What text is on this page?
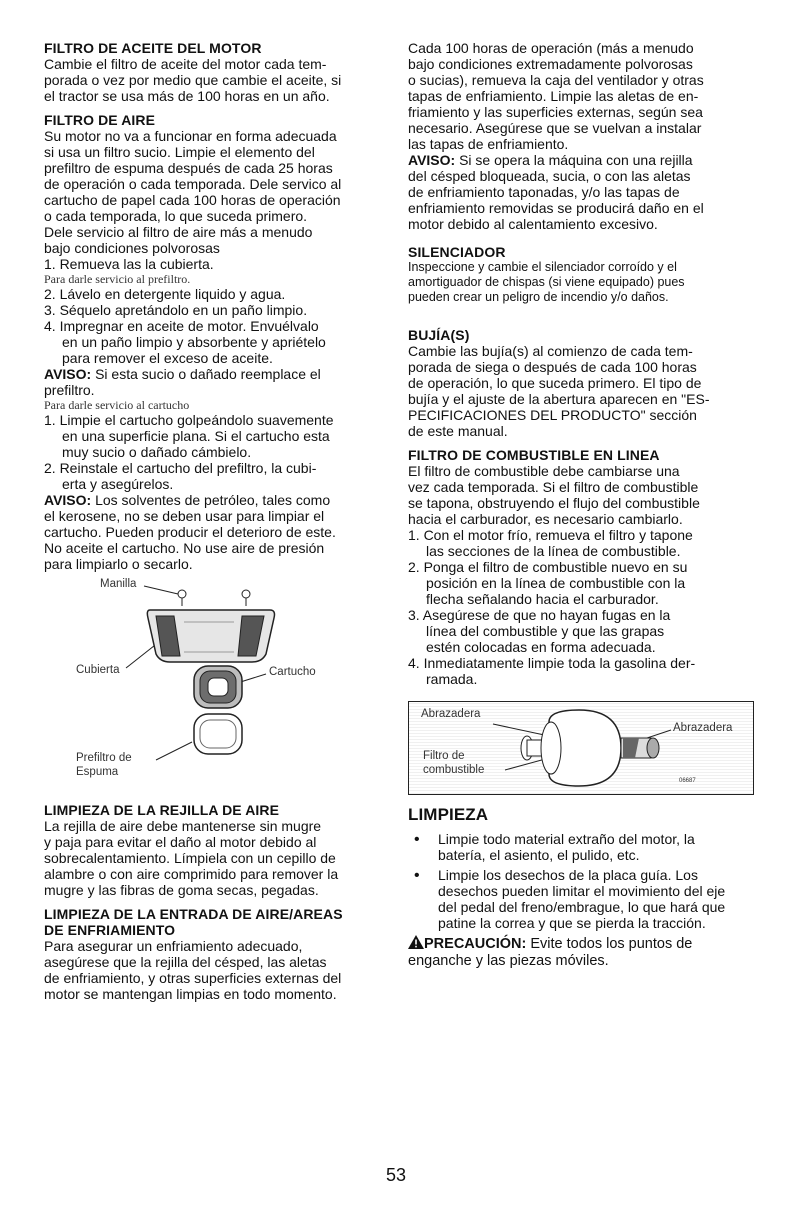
FILTRO DE ACEITE DEL MOTOR

Cambie el filtro de aceite del motor cada tem-

porada o vez por medio que cambie el aceite, si

el tractor se usa más de 100 horas en un año.

FILTRO DE AIRE

Su motor no va a funcionar en forma adecuada

si usa un filtro sucio. Limpie el elemento del

prefiltro de espuma después de cada 25 horas

de operación o cada temporada. Dele servico al

cartucho de papel cada 100 horas de operación

o cada temporada, lo que suceda primero.

Dele servicio al filtro de aire más a menudo

bajo condiciones polvorosas

1. Remueva las la cubierta.

Para darle servicio al prefiltro.

2. Lávelo en detergente liquido y agua.

3. Séquelo apretándolo en un paño limpio.

4. Impregnar en aceite de motor. Envuélvalo

en un paño limpio y absorbente y apriételo

para remover el exceso de aceite.

AVISO: Si esta sucio o dañado reemplace el

prefiltro.

Para darle servicio al cartucho

1. Limpie el cartucho golpeándolo suavemente

en una superficie plana. Si el cartucho esta

muy sucio o dañado cámbielo.

2. Reinstale el cartucho del prefiltro, la cubi-

erta y asegúrelos.

AVISO: Los solventes de petróleo, tales como

el kerosene, no se deben usar para limpiar el

cartucho. Pueden producir el deterioro de este.

No aceite el cartucho. No use aire de presión

para limpiarlo o secarlo.

Manilla
Cubierta	Cartucho
Prefiltro de
Espuma
LIMPIEZA DE LA REJILLA DE AIRE

La rejilla de aire debe mantenerse sin mugre

y paja para evitar el daño al motor debido al

sobrecalentamiento. Límpiela con un cepillo de

alambre o con aire comprimido para remover la

mugre y las fibras de goma secas, pegadas.

LIMPIEZA DE LA ENTRADA DE AIRE/AREAS
DE ENFRIAMIENTO

Para asegurar un enfriamiento adecuado,

asegúrese que la rejilla del césped, las aletas

de enfriamiento, y otras superficies externas del

motor se mantengan limpias en todo momento.

Cada 100 horas de operación (más a menudo

bajo condiciones extremadamente polvorosas

o sucias), remueva la caja del ventilador y otras

tapas de enfriamiento. Limpie las aletas de en-

friamiento y las superficies externas, según sea

necesario. Asegúrese que se vuelvan a instalar

las tapas de enfriamiento.

AVISO: Si se opera la máquina con una rejilla

del césped bloqueada, sucia, o con las aletas

de enfriamiento taponadas, y/o las tapas de

enfriamiento removidas se producirá daño en el

motor debido al calentamiento excesivo.

SILENCIADOR

Inspeccione y cambie el silenciador corroído y el

amortiguador de chispas (si viene equipado) pues

pueden crear un peligro de incendio y/o daños.

BUJÍA(S)

Cambie las bujía(s) al comienzo de cada tem-

porada de siega o después de cada 100 horas

de operación, lo que suceda primero. El tipo de

bujía y el ajuste de la abertura aparecen en "ES-

PECIFICACIONES DEL PRODUCTO" sección

de este manual.

FILTRO DE COMBUSTIBLE EN LINEA

El filtro de combustible debe cambiarse una

vez cada temporada. Si el filtro de combustible

se tapona, obstruyendo el flujo del combustible

hacia el carburador, es necesario cambiarlo.

1. Con el motor frío, remueva el filtro y tapone

las secciones de la línea de combustible.

2. Ponga el filtro de combustible nuevo en su

posición en la línea de combustible con la

flecha señalando hacia el carburador.

3. Asegúrese de que no hayan fugas en la

línea del combustible y que las grapas

estén colocadas en forma adecuada.

4. Inmediatamente limpie toda la gasolina der-

ramada.

Abrazadera
Abrazadera
Filtro de
combustible
06687
LIMPIEZA
• Limpie todo material extraño del motor, la

batería, el asiento, el pulido, etc.

• Limpie los desechos de la placa guía. Los

desechos pueden limitar el movimiento del eje

del pedal del freno/embrague, lo que hará que

patine la correa y que se pierda la tracción.

PRECAUCIÓN: Evite todos los puntos de

enganche y las piezas móviles.

53
